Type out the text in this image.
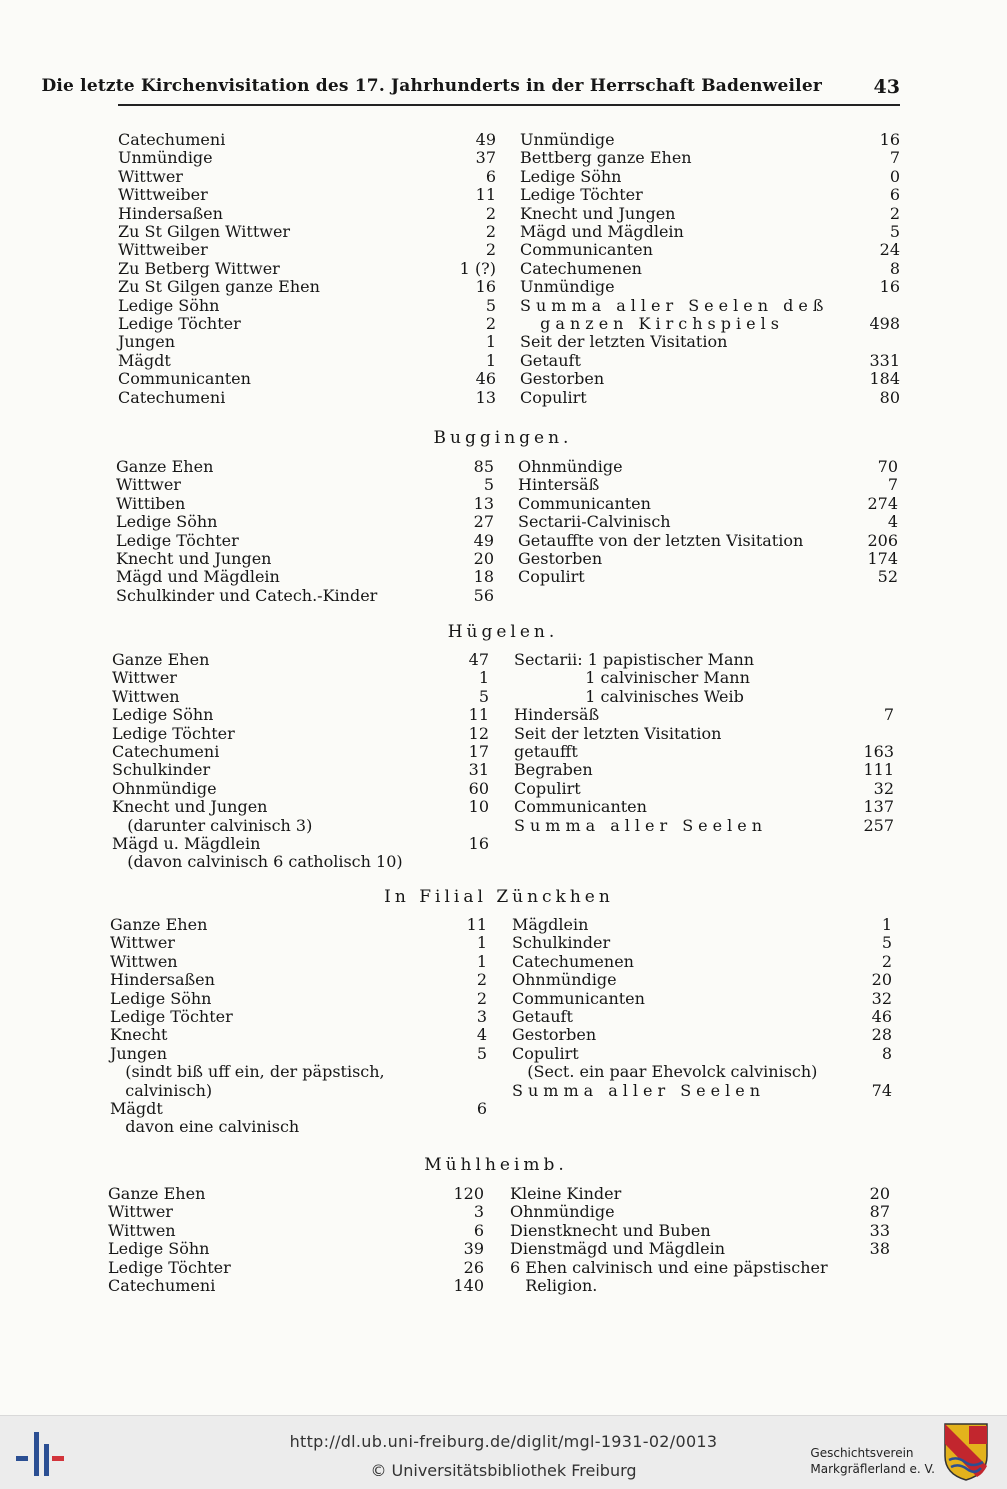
Die letzte Kirchenvisitation des 17. Jahrhunderts in der Herrschaft Badenweiler	43
Catechumeni	49
Unmündige	37
Wittwer	6
Wittweiber	11
Hindersaßen	2
Zu St Gilgen Wittwer	2
Wittweiber	2
Zu Betberg Wittwer	1 (?)
Zu St Gilgen ganze Ehen	16
Ledige Söhn	5
Ledige Töchter	2
Jungen	1
Mägdt	1
Communicanten	46
Catechumeni	13
Unmündige	16
Bettberg ganze Ehen	7
Ledige Söhn	0
Ledige Töchter	6
Knecht und Jungen	2
Mägd und Mägdlein	5
Communicanten	24
Catechumenen	8
Unmündige	16
Summa aller Seelen deß
ganzen Kirchspiels	498
Seit der letzten Visitation
Getauft	331
Gestorben	184
Copulirt	80
Buggingen.
Ganze Ehen	85
Wittwer	5
Wittiben	13
Ledige Söhn	27
Ledige Töchter	49
Knecht und Jungen	20
Mägd und Mägdlein	18
Schulkinder und Catech.-Kinder	56
Ohnmündige	70
Hintersäß	7
Communicanten	274
Sectarii-Calvinisch	4
Getauffte von der letzten Visitation	206
Gestorben	174
Copulirt	52
Hügelen.
Ganze Ehen	47
Wittwer	1
Wittwen	5
Ledige Söhn	11
Ledige Töchter	12
Catechumeni	17
Schulkinder	31
Ohnmündige	60
Knecht und Jungen	10
(darunter calvinisch 3)
Mägd u. Mägdlein	16
(davon calvinisch 6 catholisch 10)
Sectarii: 1 papistischer Mann
1 calvinischer Mann
1 calvinisches Weib
Hindersäß	7
Seit der letzten Visitation
getaufft	163
Begraben	111
Copulirt	32
Communicanten	137
Summa aller Seelen	257
In Filial Zünckhen
Ganze Ehen	11
Wittwer	1
Wittwen	1
Hindersaßen	2
Ledige Söhn	2
Ledige Töchter	3
Knecht	4
Jungen	5
(sindt biß uff ein, der päpstisch,
calvinisch)
Mägdt	6
davon eine calvinisch
Mägdlein	1
Schulkinder	5
Catechumenen	2
Ohnmündige	20
Communicanten	32
Getauft	46
Gestorben	28
Copulirt	8
(Sect. ein paar Ehevolck calvinisch)
Summa aller Seelen	74
Mühlheimb.
Ganze Ehen	120
Wittwer	3
Wittwen	6
Ledige Söhn	39
Ledige Töchter	26
Catechumeni	140
Kleine Kinder	20
Ohnmündige	87
Dienstknecht und Buben	33
Dienstmägd und Mägdlein	38
6 Ehen calvinisch und eine päpstischer
Religion.
http://dl.ub.uni-freiburg.de/diglit/mgl-1931-02/0013
© Universitätsbibliothek Freiburg
Geschichtsverein
Markgräflerland e. V.
